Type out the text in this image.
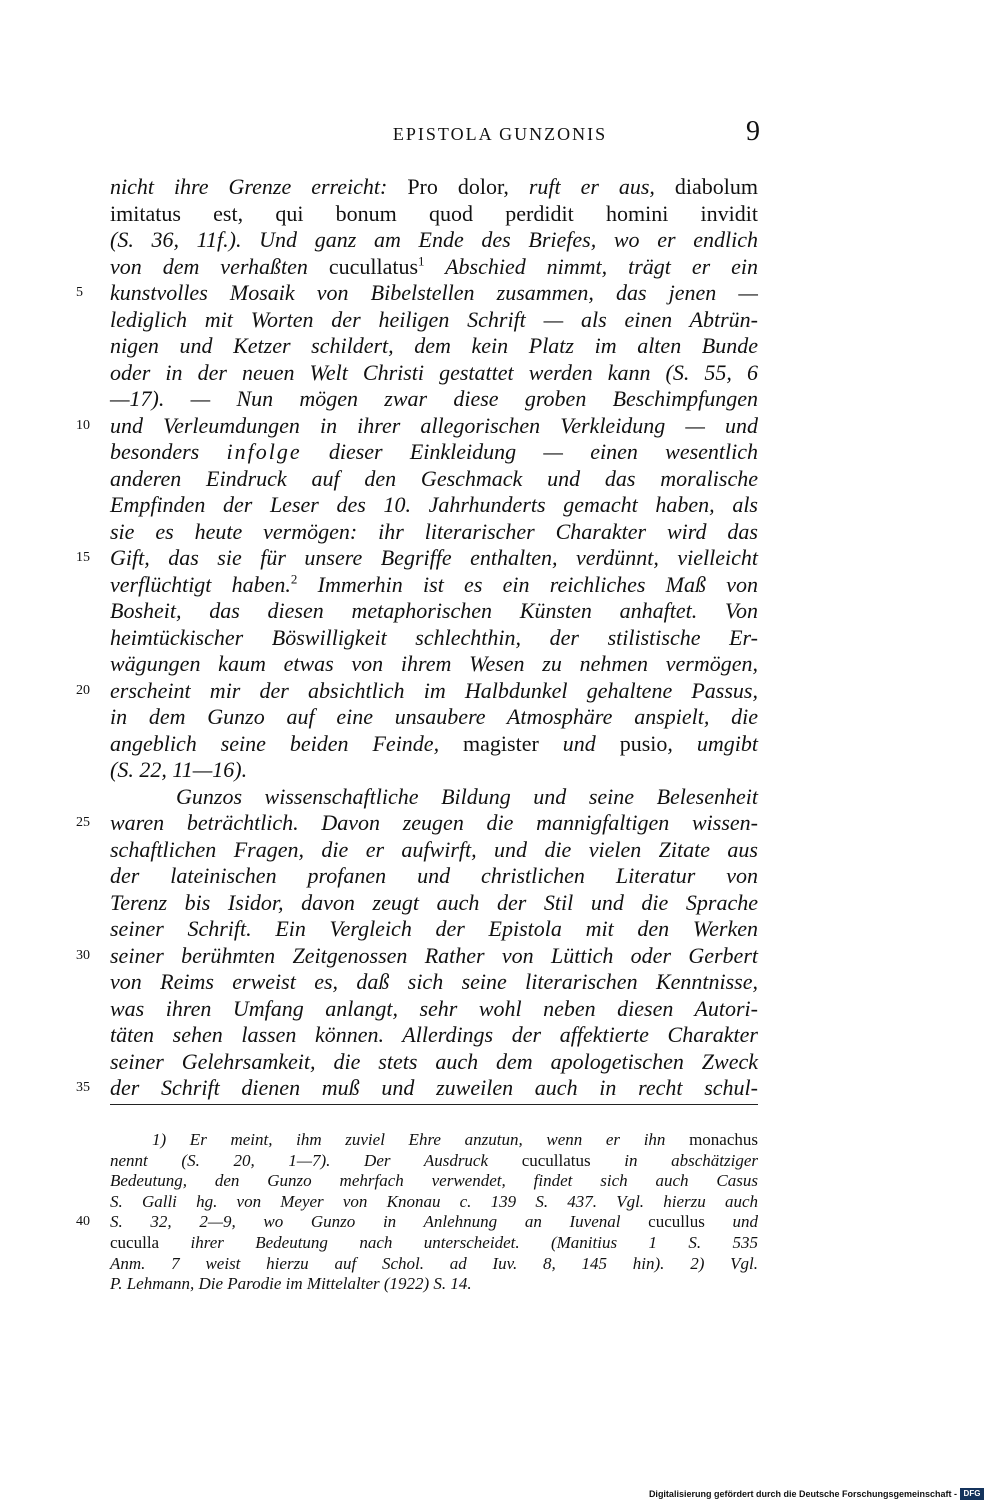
EPISTOLA GUNZONIS	9
nicht ihre Grenze erreicht: Pro dolor, ruft er aus, diabolum
imitatus est, qui bonum quod perdidit homini invidit
(S. 36, 11f.). Und ganz am Ende des Briefes, wo er endlich
von dem verhaßten cucullatus$^1$ Abschied nimmt, trägt er ein
5	kunstvolles Mosaik von Bibelstellen zusammen, das jenen —
lediglich mit Worten der heiligen Schrift — als einen Abtrün-
nigen und Ketzer schildert, dem kein Platz im alten Bunde
oder in der neuen Welt Christi gestattet werden kann (S. 55, 6
—17). — Nun mögen zwar diese groben Beschimpfungen
10 und Verleumdungen in ihrer allegorischen Verkleidung — und
besonders infolge dieser Einkleidung — einen wesentlich
anderen Eindruck auf den Geschmack und das moralische
Empfinden der Leser des 10. Jahrhunderts gemacht haben, als
sie es heute vermögen: ihr literarischer Charakter wird das
15 Gift, das sie für unsere Begriffe enthalten, verdünnt, vielleicht
verflüchtigt haben.$^2$ Immerhin ist es ein reichliches Maß von
Bosheit, das diesen metaphorischen Künsten anhaftet. Von
heimtückischer Böswilligkeit schlechthin, der stilistische Er-
wägungen kaum etwas von ihrem Wesen zu nehmen vermögen,
20 erscheint mir der absichtlich im Halbdunkel gehaltene Passus,
in dem Gunzo auf eine unsaubere Atmosphäre anspielt, die
angeblich seine beiden Feinde, magister und pusio, umgibt
(S. 22, 11—16).
Gunzos wissenschaftliche Bildung und seine Belesenheit
25 waren beträchtlich. Davon zeugen die mannigfaltigen wissen-
schaftlichen Fragen, die er aufwirft, und die vielen Zitate aus
der lateinischen profanen und christlichen Literatur von
Terenz bis Isidor, davon zeugt auch der Stil und die Sprache
seiner Schrift. Ein Vergleich der Epistola mit den Werken
30 seiner berühmten Zeitgenossen Rather von Lüttich oder Gerbert
von Reims erweist es, daß sich seine literarischen Kenntnisse,
was ihren Umfang anlangt, sehr wohl neben diesen Autori-
täten sehen lassen können. Allerdings der affektierte Charakter
seiner Gelehrsamkeit, die stets auch dem apologetischen Zweck
35 der Schrift dienen muß und zuweilen auch in recht schul-
1) Er meint, ihm zuviel Ehre anzutun, wenn er ihn monachus
nennt (S. 20, 1—7). Der Ausdruck cucullatus in abschätziger
Bedeutung, den Gunzo mehrfach verwendet, findet sich auch Casus
S. Galli hg. von Meyer von Knonau c. 139 S. 437. Vgl. hierzu auch
40	S. 32, 2—9, wo Gunzo in Anlehnung an Iuvenal cucullus und
cuculla ihrer Bedeutung nach unterscheidet. (Manitius 1 S. 535
Anm. 7 weist hierzu auf Schol. ad Iuv. 8, 145 hin). 2) Vgl.
P. Lehmann, Die Parodie im Mittelalter (1922) S. 14.
Digitalisierung gefördert durch die Deutsche Forschungsgemeinschaft - DFG
